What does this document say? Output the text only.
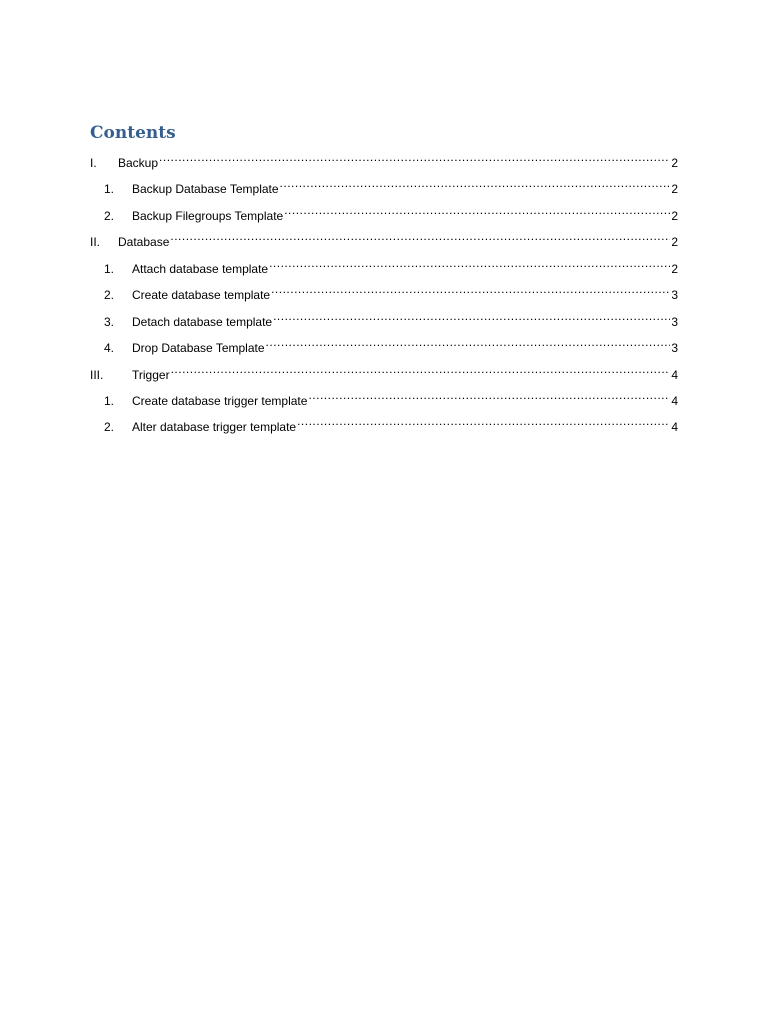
Contents
I.	Backup .....	2
1.	Backup Database Template .....	2
2.	Backup Filegroups Template .....	2
II.	Database .....	2
1.	Attach database template .....	2
2.	Create database template .....	3
3.	Detach database template .....	3
4.	Drop Database Template .....	3
III.	Trigger .....	4
1.	Create database trigger template .....	4
2.	Alter database trigger template .....	4
